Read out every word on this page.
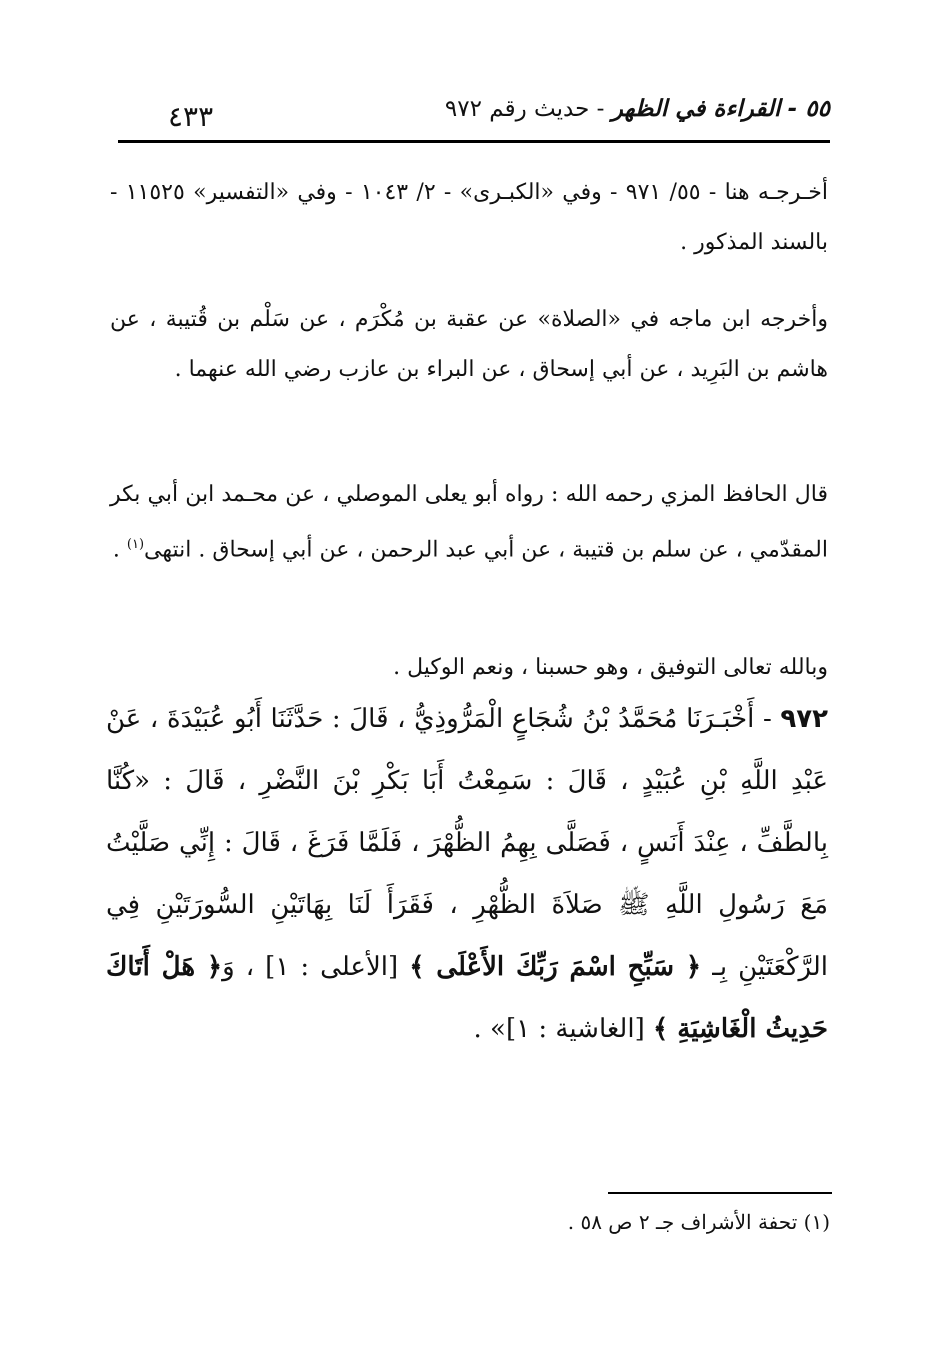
٥٥ - القراءة في الظهر - حديث رقم ٩٧٢
٤٣٣
أخـرجـه هنا - ٥٥/ ٩٧١ - وفي «الكبـرى» - ٢/ ١٠٤٣ - وفي «التفسير» ١١٥٢٥ - بالسند المذكور .
وأخرجه ابن ماجه في «الصلاة» عن عقبة بن مُكْرَم ، عن سَلْم بن قُتيبة ، عن هاشم بن البَرِيد ، عن أبي إسحاق ، عن البراء بن عازب رضي الله عنهما .
قال الحافظ المزي رحمه الله : رواه أبو يعلى الموصلي ، عن محـمد ابن أبي بكر المقدّمي ، عن سلم بن قتيبة ، عن أبي عبد الرحمن ، عن أبي إسحاق . انتهى$^{(١)}$ .
وبالله تعالى التوفيق ، وهو حسبنا ، ونعم الوكيل .
٩٧٢ - أَخْبَـرَنَا مُحَمَّدُ بْنُ شُجَاعٍ الْمَرُّوذِيُّ ، قَالَ : حَدَّثَنَا أَبُو عُبَيْدَةَ ، عَنْ عَبْدِ اللَّهِ بْنِ عُبَيْدٍ ، قَالَ : سَمِعْتُ أَبَا بَكْرِ بْنَ النَّضْرِ ، قَالَ : «كُنَّا بِالطَّفِّ ، عِنْدَ أَنَسٍ ، فَصَلَّى بِهِمُ الظُّهْرَ ، فَلَمَّا فَرَغَ ، قَالَ : إِنِّي صَلَّيْتُ مَعَ رَسُولِ اللَّهِ ﷺ صَلاَةَ الظُّهْرِ ، فَقَرَأَ لَنَا بِهَاتَيْنِ السُّورَتَيْنِ فِي الرَّكْعَتَيْنِ بِـ ﴿ سَبِّحِ اسْمَ رَبِّكَ الأَعْلَى ﴾ [الأعلى : ١] ، وَ﴿ هَلْ أَتَاكَ حَدِيثُ الْغَاشِيَةِ ﴾ [الغاشية : ١]» .
(١) تحفة الأشراف جـ ٢ ص ٥٨ .
